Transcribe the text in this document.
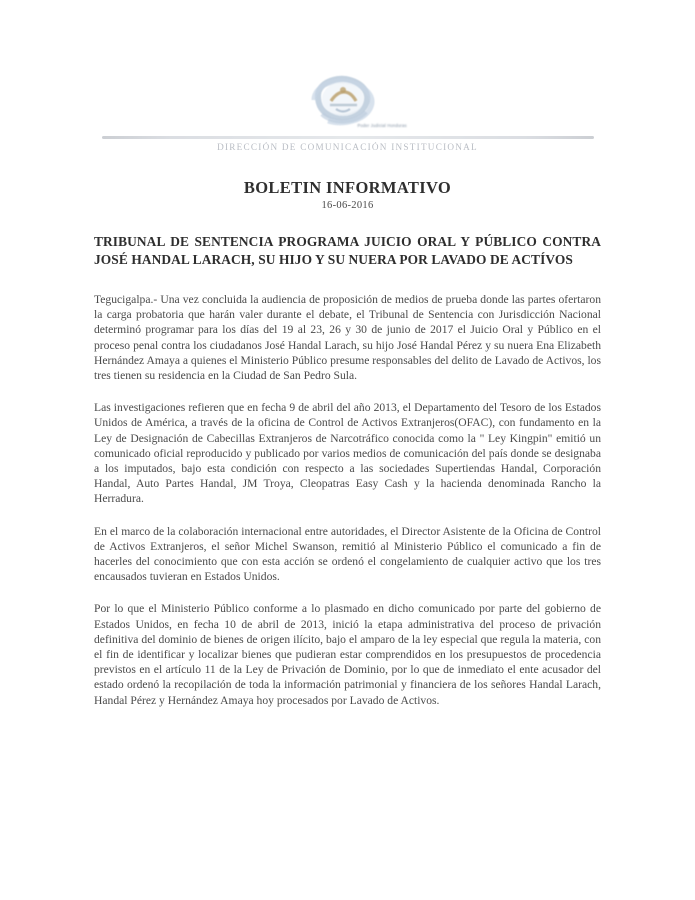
Poder Judicial Honduras
DIRECCIÓN DE COMUNICACIÓN INSTITUCIONAL
BOLETIN INFORMATIVO
16-06-2016
TRIBUNAL DE SENTENCIA PROGRAMA JUICIO ORAL Y PÚBLICO CONTRA JOSÉ HANDAL LARACH, SU HIJO Y SU NUERA POR LAVADO DE ACTÍVOS

Tegucigalpa.- Una vez concluida la audiencia de proposición de medios de prueba donde las partes ofertaron la carga probatoria que harán valer durante el debate, el Tribunal de Sentencia con Jurisdicción Nacional determinó programar para los días del 19 al 23, 26 y 30 de junio de 2017 el Juicio Oral y Público en el proceso penal contra los ciudadanos José Handal Larach, su hijo José Handal Pérez y su nuera Ena Elizabeth Hernández Amaya a quienes el Ministerio Público presume responsables del delito de Lavado de Activos, los tres tienen su residencia en la Ciudad de San Pedro Sula.

Las investigaciones refieren que en fecha 9 de abril del año 2013, el Departamento del Tesoro de los Estados Unidos de América, a través de la oficina de Control de Activos Extranjeros(OFAC), con fundamento en la Ley de Designación de Cabecillas Extranjeros de Narcotráfico conocida como la " Ley Kingpin" emitió un comunicado oficial reproducido y publicado por varios medios de comunicación del país donde se designaba a los imputados, bajo esta condición con respecto a las sociedades Supertiendas Handal, Corporación Handal, Auto Partes Handal, JM Troya, Cleopatras Easy Cash y la hacienda denominada Rancho la Herradura.

En el marco de la colaboración internacional entre autoridades, el Director Asistente de la Oficina de Control de Activos Extranjeros, el señor Michel Swanson, remitió al Ministerio Público el comunicado a fin de hacerles del conocimiento que con esta acción se ordenó el congelamiento de cualquier activo que los tres encausados tuvieran en Estados Unidos.

Por lo que el Ministerio Público conforme a lo plasmado en dicho comunicado por parte del gobierno de Estados Unidos, en fecha 10 de abril de 2013, inició la etapa administrativa del proceso de privación definitiva del dominio de bienes de origen ilícito, bajo el amparo de la ley especial que regula la materia, con el fin de identificar y localizar bienes que pudieran estar comprendidos en los presupuestos de procedencia previstos en el artículo 11 de la Ley de Privación de Dominio, por lo que de inmediato el ente acusador del estado ordenó la recopilación de toda la información patrimonial y financiera de los señores Handal Larach, Handal Pérez y Hernández Amaya hoy procesados por Lavado de Activos.
